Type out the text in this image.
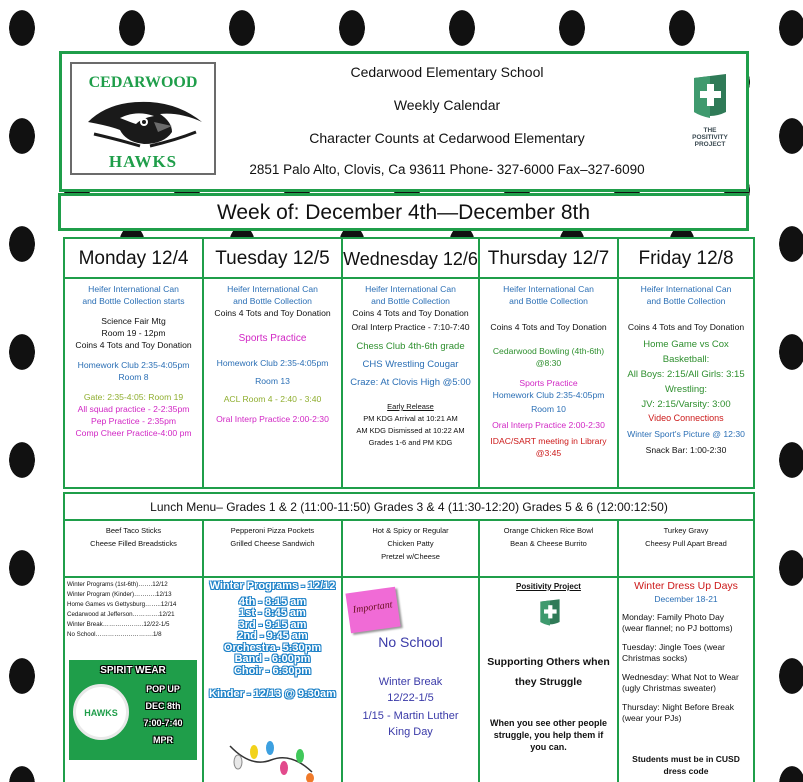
CEDARWOOD
HAWKS
Cedarwood Elementary School
Weekly Calendar
Character Counts at Cedarwood Elementary
2851 Palo Alto, Clovis, Ca 93611 Phone- 327-6000 Fax–327-6090
THE
POSITIVITY
PROJECT
Week of: December 4th—December 8th
Monday 12/4
Heifer International Can
and Bottle Collection starts
Science Fair Mtg
Room 19 - 12pm
Coins 4 Tots and Toy Donation
Homework Club 2:35-4:05pm
Room 8
Gate: 2:35-4:05: Room 19
All squad practice - 2-2:35pm
Pep Practice - 2:35pm
Comp Cheer Practice-4:00 pm
Tuesday 12/5
Heifer International Can
and Bottle Collection
Coins 4 Tots and Toy Donation
Sports Practice
Homework Club 2:35-4:05pm
Room 13
ACL Room 4 - 2:40 - 3:40
Oral Interp Practice 2:00-2:30
Wednesday 12/6
Heifer International Can
and Bottle Collection
Coins 4 Tots and Toy Donation
Oral Interp Practice - 7:10-7:40
Chess Club 4th-6th grade
CHS Wrestling Cougar
Craze: At Clovis High @5:00
Early Release
PM KDG Arrival at 10:21 AM
AM KDG Dismissed at 10:22 AM
Grades 1-6 and PM KDG
Thursday 12/7
Heifer International Can
and Bottle Collection
Coins 4 Tots and Toy Donation
Cedarwood Bowling (4th-6th)
@8:30
Sports Practice
Homework Club 2:35-4:05pm
Room 10
Oral Interp Practice 2:00-2:30
IDAC/SART meeting in Library
@3:45
Friday 12/8
Heifer International Can
and Bottle Collection
Coins 4 Tots and Toy Donation
Home Game vs Cox
Basketball:
All Boys: 2:15/All Girls: 3:15
Wrestling:
JV: 2:15/Varsity: 3:00
Video Connections
Winter Sport's Picture @ 12:30
Snack Bar: 1:00-2:30
Lunch Menu– Grades 1 & 2 (11:00-11:50) Grades 3 & 4 (11:30-12:20) Grades 5 & 6 (12:00:12:50)
Beef Taco Sticks
Cheese Filled Breadsticks
Pepperoni Pizza Pockets
Grilled Cheese Sandwich
Hot & Spicy or Regular
Chicken Patty
Pretzel w/Cheese
Orange Chicken Rice Bowl
Bean & Cheese Burrito
Turkey Gravy
Cheesy Pull Apart Bread
Winter Programs (1st-6th)…….12/12
Winter Program (Kinder)………..12/13
Home Games vs Gettysburg……..12/14
Cedarwood at Jefferson………….12/21
Winter Break………………..12/22-1/5
No School……………………….1/8
SPIRIT WEAR
HAWKS
POP UP
DEC 8th
7:00-7:40
MPR
Winter Programs - 12/12
4th - 8:15 am
1st - 8:45 am
3rd - 9:15 am
2nd - 9:45 am
Orchestra- 5:30pm
Band - 6:00pm
Choir - 6:30pm
Kinder - 12/13 @ 9:30am
Important
No School
Winter Break
12/22-1/5
1/15 - Martin Luther
King Day
Positivity Project
Supporting Others when
they Struggle
When you see other people
struggle, you help them if
you can.
Winter Dress Up Days
December 18-21
Monday: Family Photo Day
(wear flannel; no PJ bottoms)
Tuesday: Jingle Toes (wear
Christmas socks)
Wednesday: What Not to Wear
(ugly Christmas sweater)
Thursday: Night Before Break
(wear your PJs)
Students must be in CUSD
dress code
